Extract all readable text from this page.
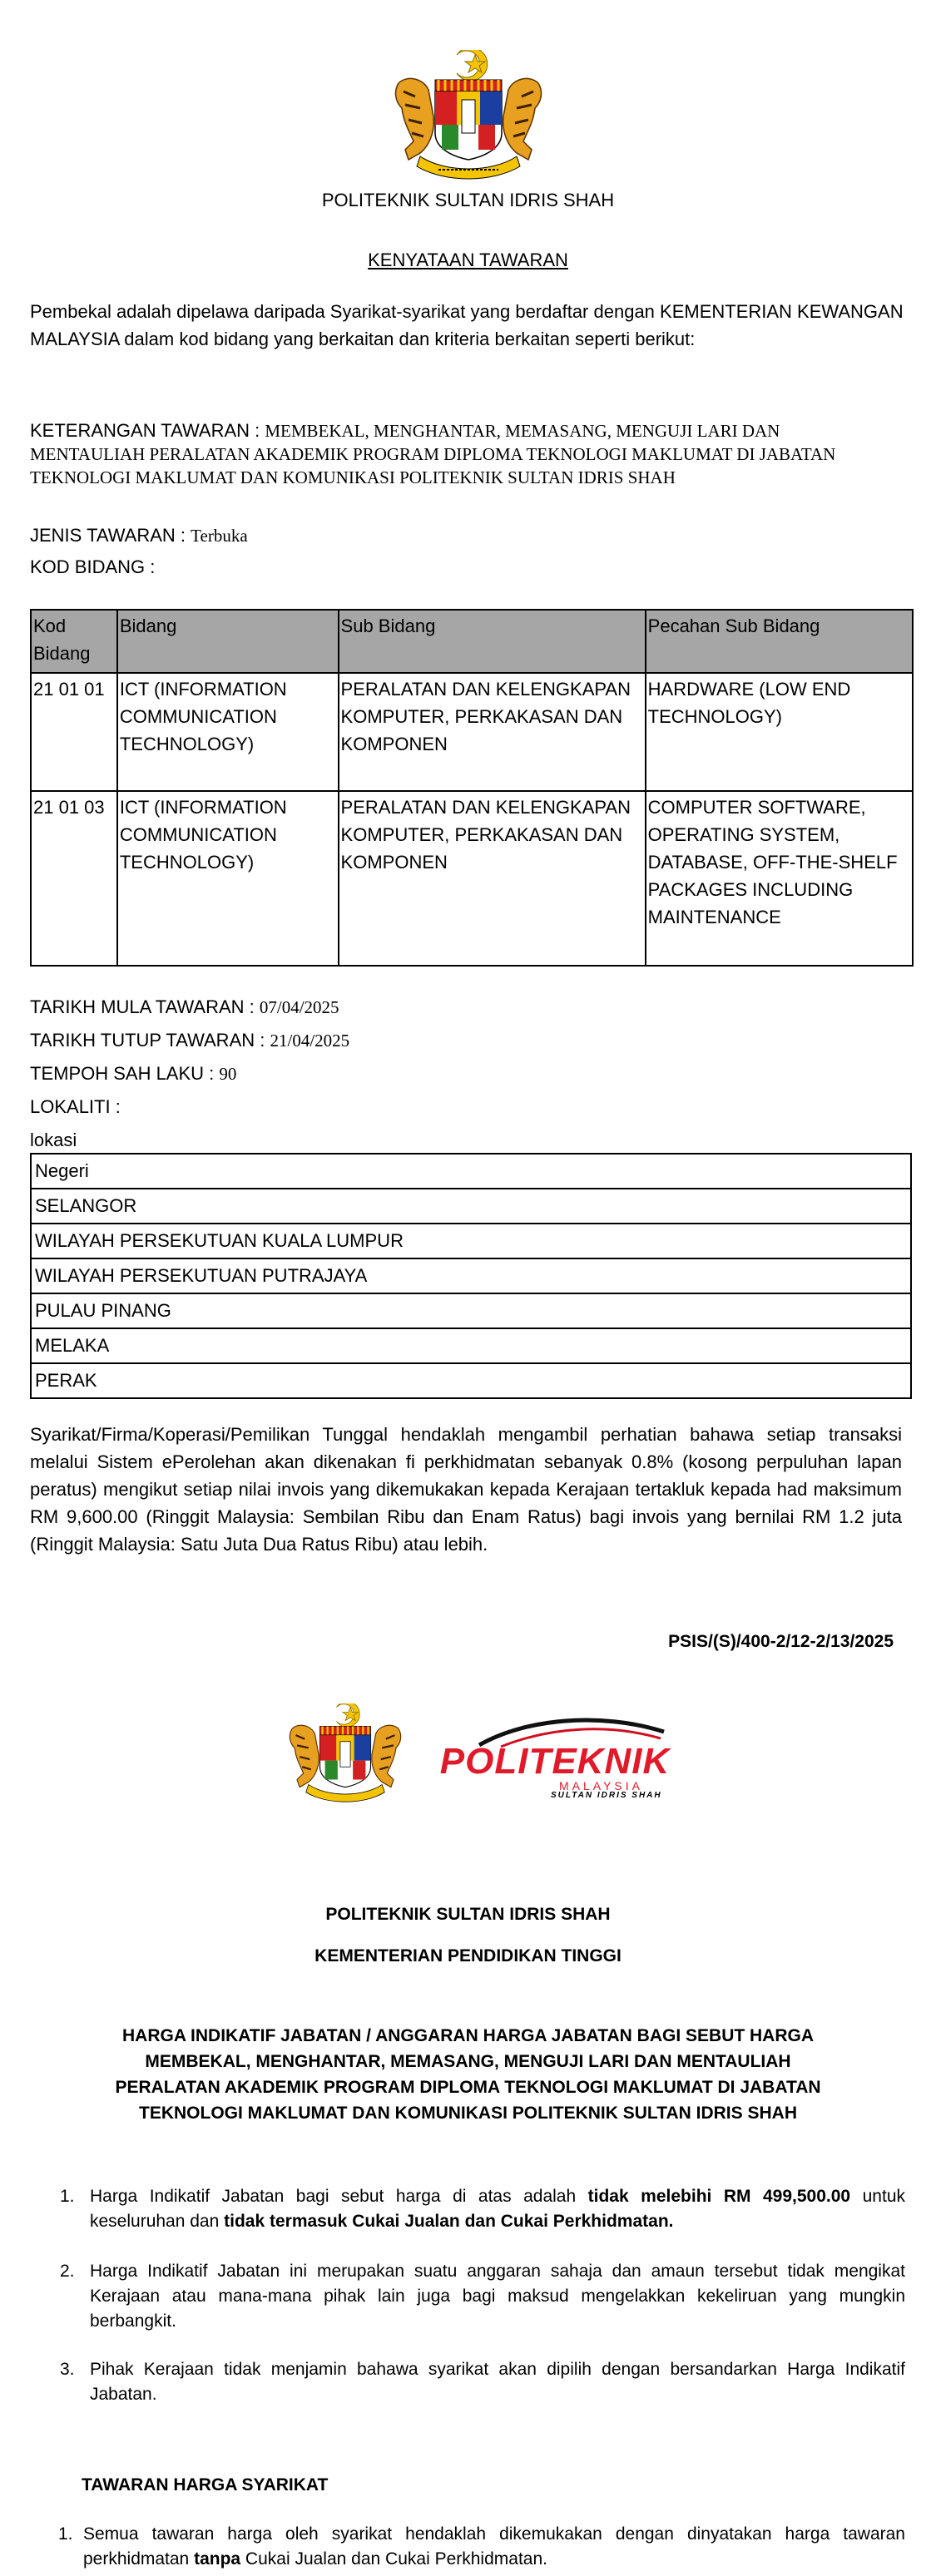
POLITEKNIK SULTAN IDRIS SHAH
KENYATAAN TAWARAN

Pembekal adalah dipelawa daripada Syarikat-syarikat yang berdaftar dengan KEMENTERIAN KEWANGAN MALAYSIA dalam kod bidang yang berkaitan dan kriteria berkaitan seperti berikut:

KETERANGAN TAWARAN : MEMBEKAL, MENGHANTAR, MEMASANG, MENGUJI LARI DAN MENTAULIAH PERALATAN AKADEMIK PROGRAM DIPLOMA TEKNOLOGI MAKLUMAT DI JABATAN TEKNOLOGI MAKLUMAT DAN KOMUNIKASI POLITEKNIK SULTAN IDRIS SHAH

JENIS TAWARAN : Terbuka

KOD BIDANG :

Kod Bidang	Bidang	Sub Bidang	Pecahan Sub Bidang
21 01 01	ICT (INFORMATION COMMUNICATION TECHNOLOGY)	PERALATAN DAN KELENGKAPAN KOMPUTER, PERKAKASAN DAN KOMPONEN	HARDWARE (LOW END TECHNOLOGY)
21 01 03	ICT (INFORMATION COMMUNICATION TECHNOLOGY)	PERALATAN DAN KELENGKAPAN KOMPUTER, PERKAKASAN DAN KOMPONEN	COMPUTER SOFTWARE, OPERATING SYSTEM, DATABASE, OFF-THE-SHELF PACKAGES INCLUDING MAINTENANCE

TARIKH MULA TAWARAN : 07/04/2025

TARIKH TUTUP TAWARAN : 21/04/2025

TEMPOH SAH LAKU : 90

LOKALITI :

lokasi

Negeri
SELANGOR
WILAYAH PERSEKUTUAN KUALA LUMPUR
WILAYAH PERSEKUTUAN PUTRAJAYA
PULAU PINANG
MELAKA
PERAK

Syarikat/Firma/Koperasi/Pemilikan Tunggal hendaklah mengambil perhatian bahawa setiap transaksi melalui Sistem ePerolehan akan dikenakan fi perkhidmatan sebanyak 0.8% (kosong perpuluhan lapan peratus) mengikut setiap nilai invois yang dikemukakan kepada Kerajaan tertakluk kepada had maksimum RM 9,600.00 (Ringgit Malaysia: Sembilan Ribu dan Enam Ratus) bagi invois yang bernilai RM 1.2 juta (Ringgit Malaysia: Satu Juta Dua Ratus Ribu) atau lebih.

PSIS/(S)/400-2/12-2/13/2025
POLITEKNIK
MALAYSIA
SULTAN IDRIS SHAH
POLITEKNIK SULTAN IDRIS SHAH
KEMENTERIAN PENDIDIKAN TINGGI

HARGA INDIKATIF JABATAN / ANGGARAN HARGA JABATAN BAGI SEBUT HARGA MEMBEKAL, MENGHANTAR, MEMASANG, MENGUJI LARI DAN MENTAULIAH PERALATAN AKADEMIK PROGRAM DIPLOMA TEKNOLOGI MAKLUMAT DI JABATAN TEKNOLOGI MAKLUMAT DAN KOMUNIKASI POLITEKNIK SULTAN IDRIS SHAH

1. Harga Indikatif Jabatan bagi sebut harga di atas adalah tidak melebihi RM 499,500.00 untuk keseluruhan dan tidak termasuk Cukai Jualan dan Cukai Perkhidmatan.
2. Harga Indikatif Jabatan ini merupakan suatu anggaran sahaja dan amaun tersebut tidak mengikat Kerajaan atau mana-mana pihak lain juga bagi maksud mengelakkan kekeliruan yang mungkin berbangkit.
3. Pihak Kerajaan tidak menjamin bahawa syarikat akan dipilih dengan bersandarkan Harga Indikatif Jabatan.
TAWARAN HARGA SYARIKAT
1. Semua tawaran harga oleh syarikat hendaklah dikemukakan dengan dinyatakan harga tawaran perkhidmatan tanpa Cukai Jualan dan Cukai Perkhidmatan.
